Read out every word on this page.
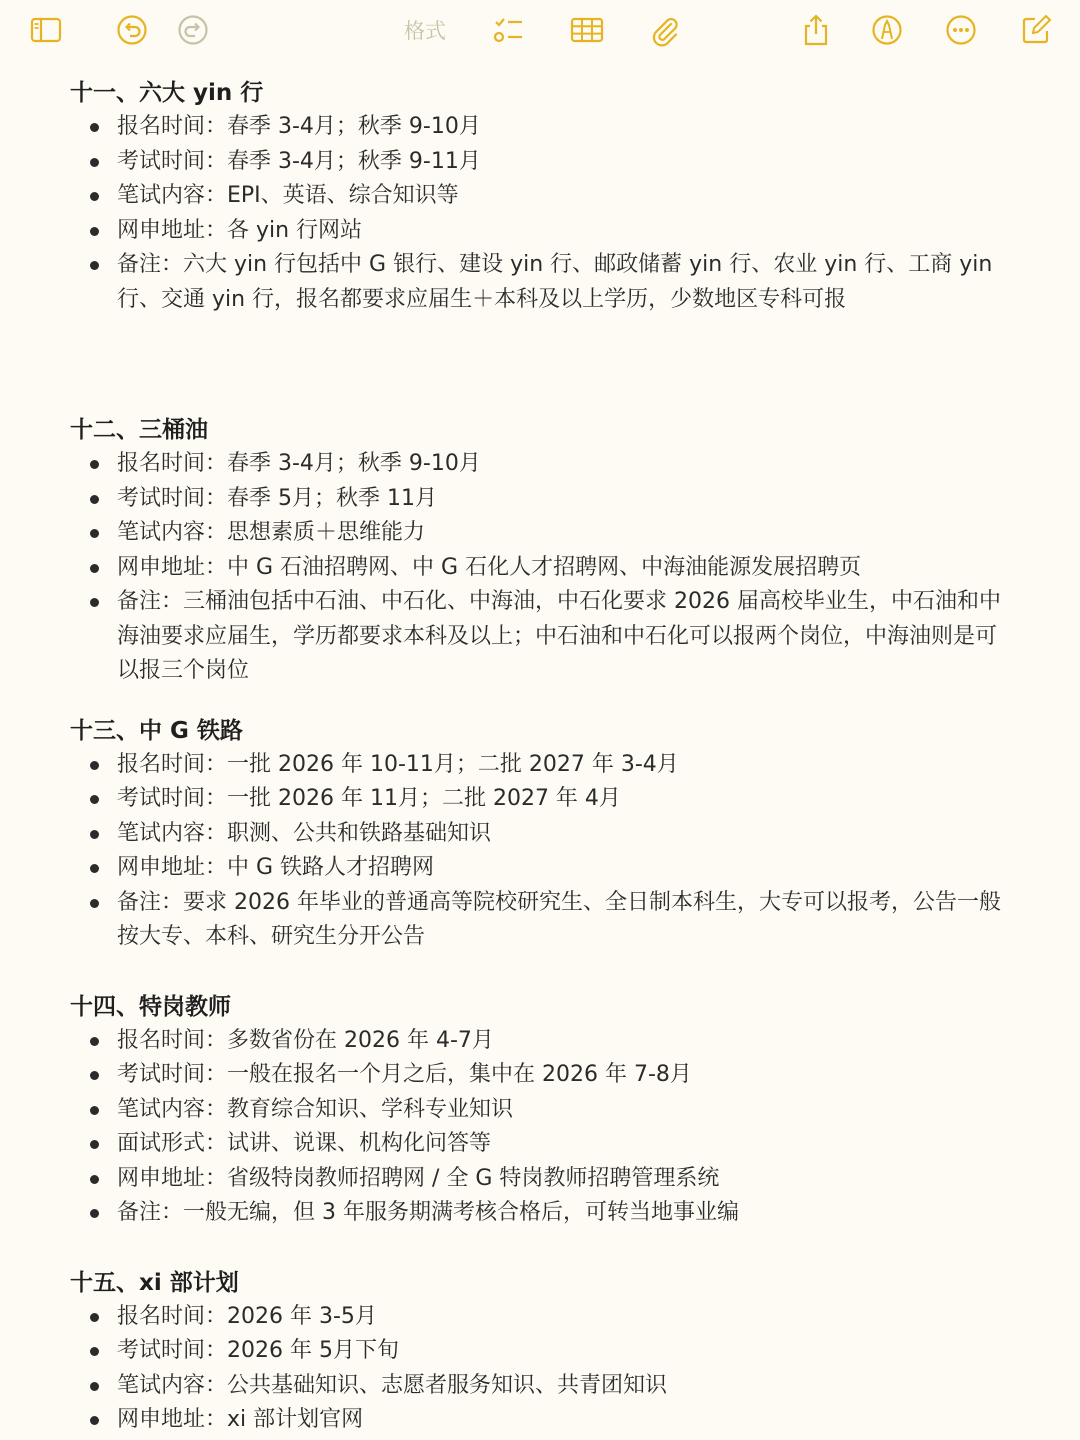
格式
十一、六大 yin 行
报名时间：春季 3-4月；秋季 9-10月
考试时间：春季 3-4月；秋季 9-11月
笔试内容：EPI、英语、综合知识等
网申地址：各 yin 行网站
备注：六大 yin 行包括中 G 银行、建设 yin 行、邮政储蓄 yin 行、农业 yin 行、工商 yin 行、交通 yin 行，报名都要求应届生＋本科及以上学历，少数地区专科可报
十二、三桶油
报名时间：春季 3-4月；秋季 9-10月
考试时间：春季 5月；秋季 11月
笔试内容：思想素质＋思维能力
网申地址：中 G 石油招聘网、中 G 石化人才招聘网、中海油能源发展招聘页
备注：三桶油包括中石油、中石化、中海油，中石化要求 2026 届高校毕业生，中石油和中海油要求应届生，学历都要求本科及以上；中石油和中石化可以报两个岗位，中海油则是可以报三个岗位
十三、中 G 铁路
报名时间：一批 2026 年 10-11月；二批 2027 年 3-4月
考试时间：一批 2026 年 11月；二批 2027 年 4月
笔试内容：职测、公共和铁路基础知识
网申地址：中 G 铁路人才招聘网
备注：要求 2026 年毕业的普通高等院校研究生、全日制本科生，大专可以报考，公告一般按大专、本科、研究生分开公告
十四、特岗教师
报名时间：多数省份在 2026 年 4-7月
考试时间：一般在报名一个月之后，集中在 2026 年 7-8月
笔试内容：教育综合知识、学科专业知识
面试形式：试讲、说课、机构化问答等
网申地址：省级特岗教师招聘网 / 全 G 特岗教师招聘管理系统
备注：一般无编，但 3 年服务期满考核合格后，可转当地事业编
十五、xi 部计划
报名时间：2026 年 3-5月
考试时间：2026 年 5月下旬
笔试内容：公共基础知识、志愿者服务知识、共青团知识
网申地址：xi 部计划官网
